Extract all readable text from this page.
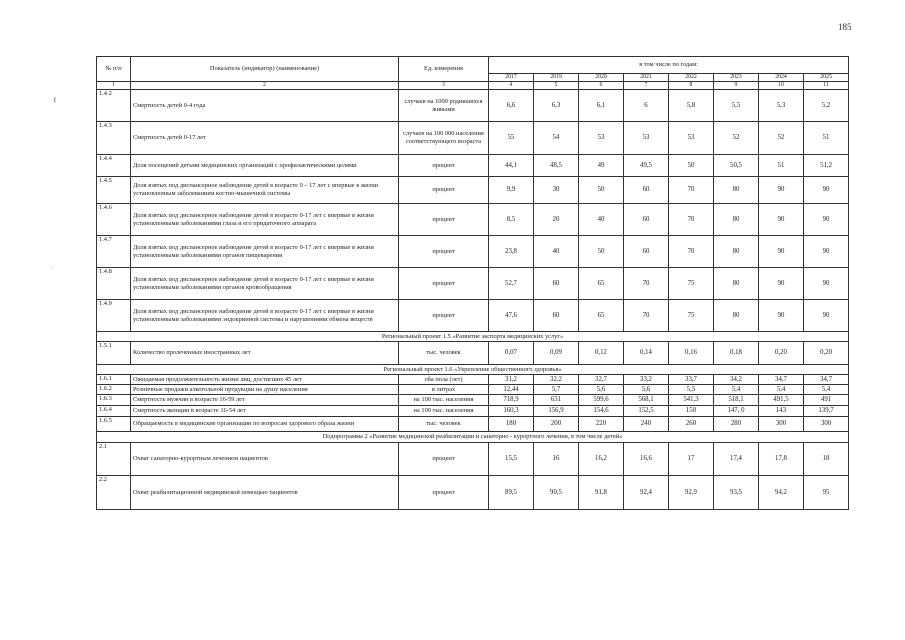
185
ℓ
.
№ п/п	Показатель (индикатор) (наименование)	Ед. измерения	в том числе по годам:							
			2017	2019	2020	2021	2022	2023	2024	2025
1	2	3	4	5	6	7	8	9	10	11
1.4.2	Смертность детей 0-4 года	случаев на 1000 родившихся живыми	6,6	6,3	6,1	6	5,8	5,5	5,3	5,2
1.4.3	Смертность детей 0-17 лет	случаев на 100 000 населения соответствующего возраста	55	54	53	53	53	52	52	51
1.4.4	Доля посещений детьми медицинских организаций с профилактическими целями	процент	44,1	48,5	49	49,5	50	50,5	51	51,2
1.4.5	Доля взятых под диспансерное наблюдение детей в возрасте 0 – 17 лет с впервые в жизни установленным заболеванием костно-мышечной системы	процент	9,9	30	50	60	70	80	90	90
1.4.6	Доля взятых под диспансерное наблюдение детей в возрасте 0-17 лет с впервые в жизни установленными заболеваниями глаза и его придаточного аппарата	процент	8,5	20	40	60	70	80	90	90
1.4.7	Доля взятых под диспансерное наблюдение детей в возрасте 0-17 лет с впервые в жизни установленными заболеваниями органов пищеварения	процент	23,8	40	50	60	70	80	90	90
1.4.8	Доля взятых под диспансерное наблюдение детей в возрасте 0-17 лет с впервые в жизни установленными заболеваниями органов кровообращения	процент	52,7	60	65	70	75	80	90	90
1.4.9	Доля взятых под диспансерное наблюдение детей в возрасте 0-17 лет с впервые в жизни установленными заболеваниями эндокринной системы и нарушениями обмена веществ	процент	47,6	60	65	70	75	80	90	90
Региональный проект 1.5 «Развитие экспорта медицинских услуг»										
1.5.1	Количество пролеченных иностранных лет	тыс. человек	0,07	0,09	0,12	0,14	0,16	0,18	0,20	0,20
Региональный проект 1.6 «Укрепление общественного здоровья»										
1.6.1	Ожидаемая продолжительность жизни лиц, достигших 45 лет	оба пола (лет)	31,2	32,2	32,7	33,2	33,7	34,2	34,7	34,7
1.6.2	Розничные продажи алкогольной продукции на душу населения	в литрах	12,44	5,7	5,6	5,6	5,5	5,4	5,4	5,4
1.6.3	Смертность мужчин в возрасте 16-59 лет	на 100 тыс. населения	718,9	631	599,6	568,1	541,3	518,1	491,5	491
1.6.4	Смертность женщин в возрасте 16-54 лет	на 100 тыс. населения	160,3	156,9	154,6	152,5	150	147, 0	143	139,7
1.6.5	Обращаемость в медицинские организации по вопросам здорового образа жизни	тыс. человек	180	200	220	240	260	280	300	300
Подпрограмма 2 «Развитие медицинской реабилитации и санаторно - курортного лечения, в том числе детей»										
2.1	Охват санаторно-курортным лечением пациентов	процент	15,5	16	16,2	16,6	17	17,4	17,8	18
2.2	Охват реабилитационной медицинской помощью пациентов	процент	89,5	90,5	91,8	92,4	92,9	93,5	94,2	95
